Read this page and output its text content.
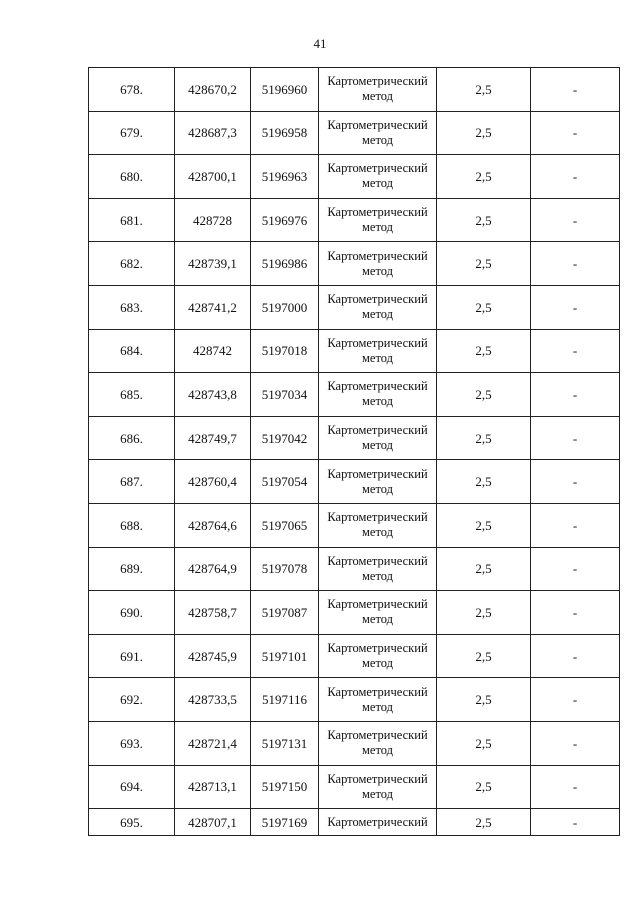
41
678.	428670,2	5196960	Картометрический метод	2,5	-
679.	428687,3	5196958	Картометрический метод	2,5	-
680.	428700,1	5196963	Картометрический метод	2,5	-
681.	428728	5196976	Картометрический метод	2,5	-
682.	428739,1	5196986	Картометрический метод	2,5	-
683.	428741,2	5197000	Картометрический метод	2,5	-
684.	428742	5197018	Картометрический метод	2,5	-
685.	428743,8	5197034	Картометрический метод	2,5	-
686.	428749,7	5197042	Картометрический метод	2,5	-
687.	428760,4	5197054	Картометрический метод	2,5	-
688.	428764,6	5197065	Картометрический метод	2,5	-
689.	428764,9	5197078	Картометрический метод	2,5	-
690.	428758,7	5197087	Картометрический метод	2,5	-
691.	428745,9	5197101	Картометрический метод	2,5	-
692.	428733,5	5197116	Картометрический метод	2,5	-
693.	428721,4	5197131	Картометрический метод	2,5	-
694.	428713,1	5197150	Картометрический метод	2,5	-
695.	428707,1	5197169	Картометрический	2,5	-
